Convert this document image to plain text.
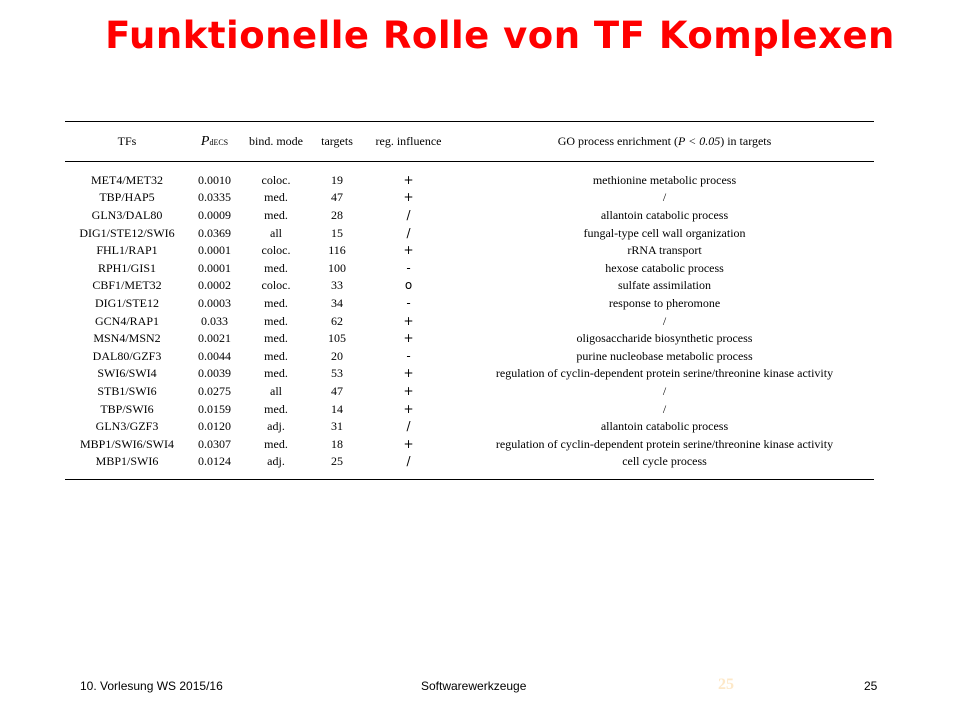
Funktionelle Rolle von TF Komplexen
TFs	PdECS	bind. mode	targets	reg. influence	GO process enrichment (P < 0.05) in targets

MET4/MET32	0.0010	coloc.	19	+	methionine metabolic process
TBP/HAP5	0.0335	med.	47	+	/
GLN3/DAL80	0.0009	med.	28	/	allantoin catabolic process
DIG1/STE12/SWI6	0.0369	all	15	/	fungal-type cell wall organization
FHL1/RAP1	0.0001	coloc.	116	+	rRNA transport
RPH1/GIS1	0.0001	med.	100	-	hexose catabolic process
CBF1/MET32	0.0002	coloc.	33	o	sulfate assimilation
DIG1/STE12	0.0003	med.	34	-	response to pheromone
GCN4/RAP1	0.033	med.	62	+	/
MSN4/MSN2	0.0021	med.	105	+	oligosaccharide biosynthetic process
DAL80/GZF3	0.0044	med.	20	-	purine nucleobase metabolic process
SWI6/SWI4	0.0039	med.	53	+	regulation of cyclin-dependent protein serine/threonine kinase activity
STB1/SWI6	0.0275	all	47	+	/
TBP/SWI6	0.0159	med.	14	+	/
GLN3/GZF3	0.0120	adj.	31	/	allantoin catabolic process
MBP1/SWI6/SWI4	0.0307	med.	18	+	regulation of cyclin-dependent protein serine/threonine kinase activity
MBP1/SWI6	0.0124	adj.	25	/	cell cycle process
10. Vorlesung WS 2015/16	Softwarewerkzeuge	25	25
